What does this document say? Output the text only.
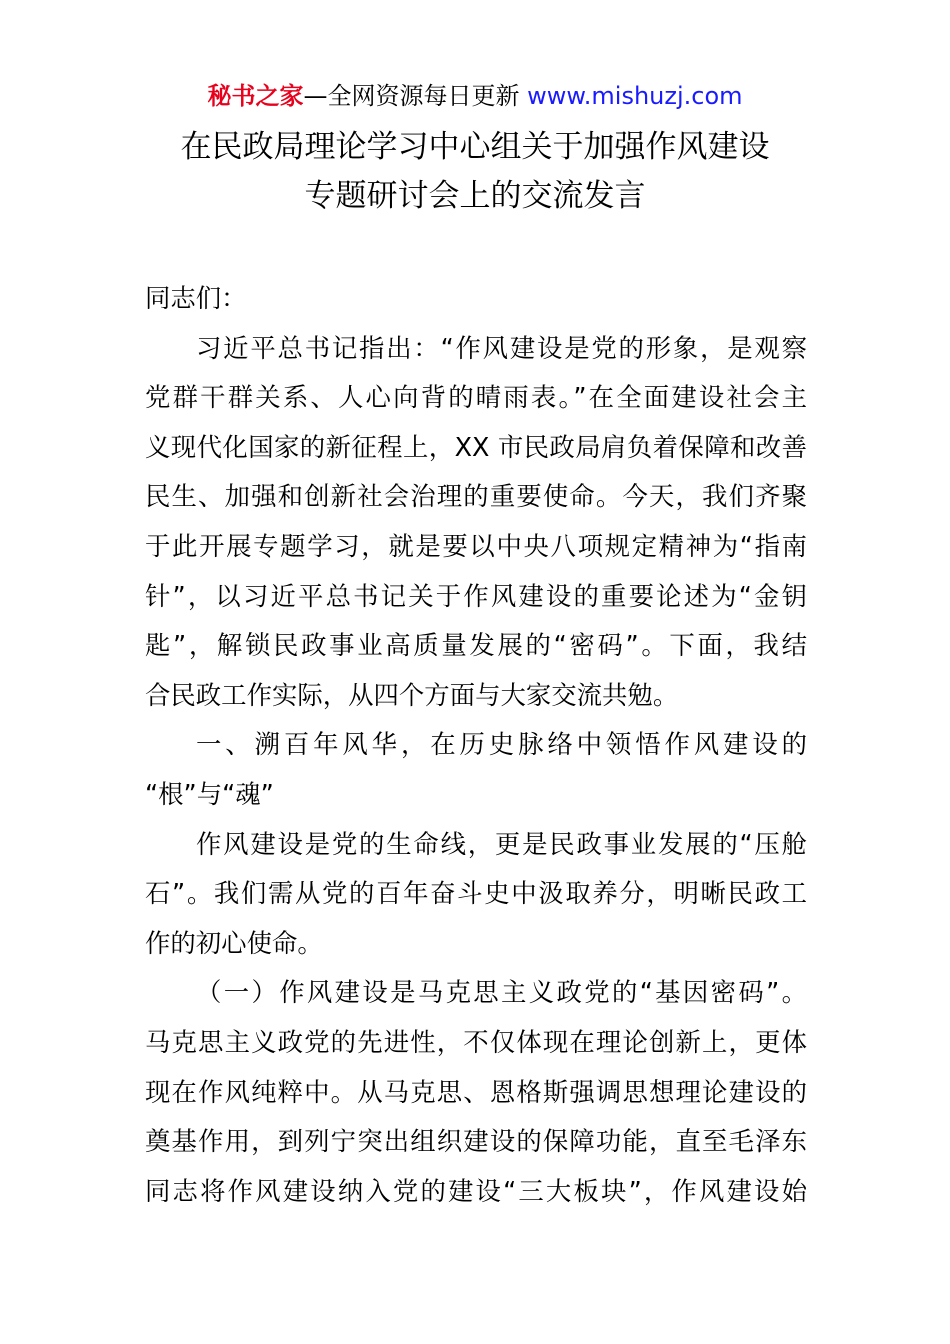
秘书之家—全网资源每日更新 www.mishuzj.com
在民政局理论学习中心组关于加强作风建设
专题研讨会上的交流发言
同志们：
习近平总书记指出：“作风建设是党的形象，是观察
党群干群关系、人心向背的晴雨表。”在全面建设社会主
义现代化国家的新征程上，XX 市民政局肩负着保障和改善
民生、加强和创新社会治理的重要使命。今天，我们齐聚
于此开展专题学习，就是要以中央八项规定精神为“指南
针”，以习近平总书记关于作风建设的重要论述为“金钥
匙”，解锁民政事业高质量发展的“密码”。下面，我结
合民政工作实际，从四个方面与大家交流共勉。
一、溯百年风华，在历史脉络中领悟作风建设的
“根”与“魂”
作风建设是党的生命线，更是民政事业发展的“压舱
石”。我们需从党的百年奋斗史中汲取养分，明晰民政工
作的初心使命。
（一）作风建设是马克思主义政党的“基因密码”。
马克思主义政党的先进性，不仅体现在理论创新上，更体
现在作风纯粹中。从马克思、恩格斯强调思想理论建设的
奠基作用，到列宁突出组织建设的保障功能，直至毛泽东
同志将作风建设纳入党的建设“三大板块”，作风建设始
